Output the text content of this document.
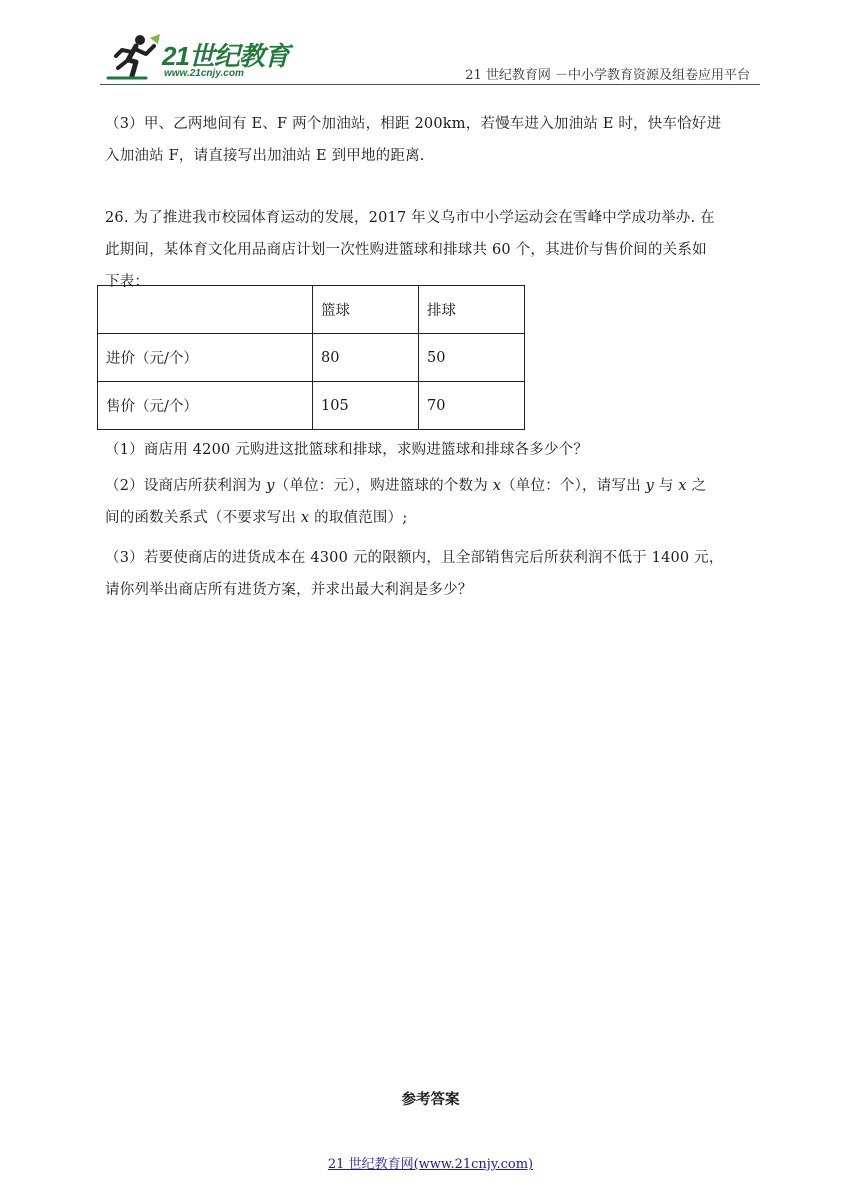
21世纪教育
www.21cnjy.com	21 世纪教育网 －中小学教育资源及组卷应用平台
（3）甲、乙两地间有 E、F 两个加油站，相距 200km，若慢车进入加油站 E 时，快车恰好进
入加油站 F，请直接写出加油站 E 到甲地的距离.
26. 为了推进我市校园体育运动的发展，2017 年义乌市中小学运动会在雪峰中学成功举办. 在
此期间，某体育文化用品商店计划一次性购进篮球和排球共 60 个，其进价与售价间的关系如
下表：
	篮球	排球
进价（元/个）	80	50
售价（元/个）	105	70
（1）商店用 4200 元购进这批篮球和排球，求购进篮球和排球各多少个？
（2）设商店所获利润为 y（单位：元），购进篮球的个数为 x（单位：个），请写出 y 与 x 之
间的函数关系式（不要求写出 x 的取值范围）;
（3）若要使商店的进货成本在 4300 元的限额内，且全部销售完后所获利润不低于 1400 元，
请你列举出商店所有进货方案，并求出最大利润是多少？
参考答案
21 世纪教育网(www.21cnjy.com)
